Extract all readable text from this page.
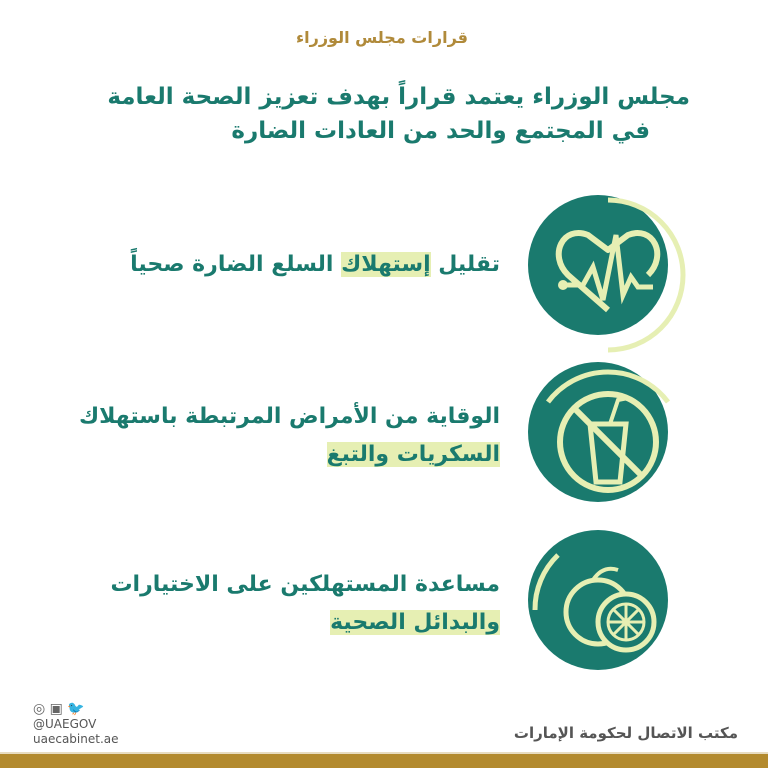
قرارات مجلس الوزراء
مجلس الوزراء يعتمد قراراً بهدف تعزيز الصحة العامة
في المجتمع والحد من العادات الضارة
تقليل إستهلاك السلع الضارة صحياً
الوقاية من الأمراض المرتبطة باستهلاك
السكريات والتبغ
مساعدة المستهلكين على الاختيارات
والبدائل الصحية
◎ ▣ 🐦
@UAEGOV
uaecabinet.ae	مكتب الاتصال لحكومة الإمارات
